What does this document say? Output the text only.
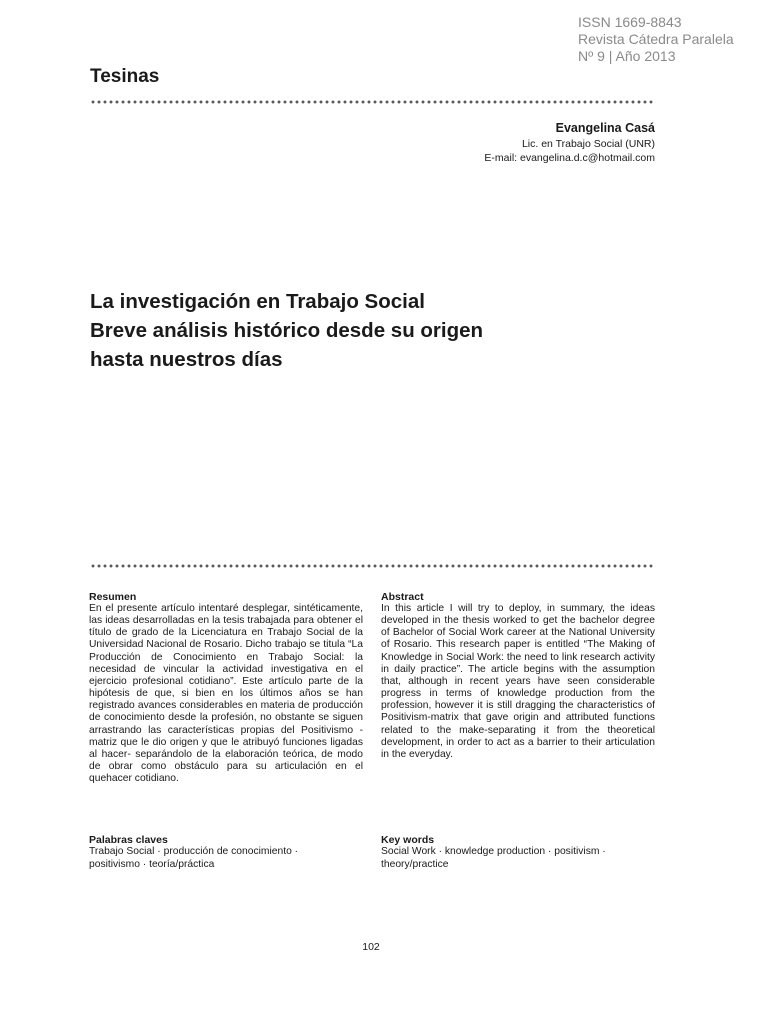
ISSN 1669-8843
Revista Cátedra Paralela
Nº 9 | Año 2013
Tesinas
Evangelina Casá
Lic. en Trabajo Social (UNR)
E-mail: evangelina.d.c@hotmail.com
La investigación en Trabajo Social
Breve análisis histórico desde su origen
hasta nuestros días
Resumen
En el presente artículo intentaré desplegar, sintéticamente, las ideas desarrolladas en la tesis trabajada para obtener el título de grado de la Licenciatura en Trabajo Social de la Universidad Nacional de Rosario. Dicho trabajo se titula “La Producción de Conocimiento en Trabajo Social: la necesidad de vincular la actividad investigativa en el ejercicio profesional cotidiano”. Este artículo parte de la hipótesis de que, si bien en los últimos años se han registrado avances considerables en materia de producción de conocimiento desde la profesión, no obstante se siguen arrastrando las características propias del Positivismo -matriz que le dio origen y que le atribuyó funciones ligadas al hacer- separándolo de la elaboración teórica, de modo de obrar como obstáculo para su articulación en el quehacer cotidiano.
Abstract
In this article I will try to deploy, in summary, the ideas developed in the thesis worked to get the bachelor degree of Bachelor of Social Work career at the National University of Rosario. This research paper is entitled “The Making of Knowledge in Social Work: the need to link research activity in daily practice”. The article begins with the assumption that, although in recent years have seen considerable progress in terms of knowledge production from the profession, however it is still dragging the characteristics of Positivism-matrix that gave origin and attributed functions related to the make-separating it from the theoretical development, in order to act as a barrier to their articulation in the everyday.
Palabras claves
Trabajo Social · producción de conocimiento ·
positivismo · teoría/práctica
Key words
Social Work · knowledge production · positivism ·
theory/practice
102
